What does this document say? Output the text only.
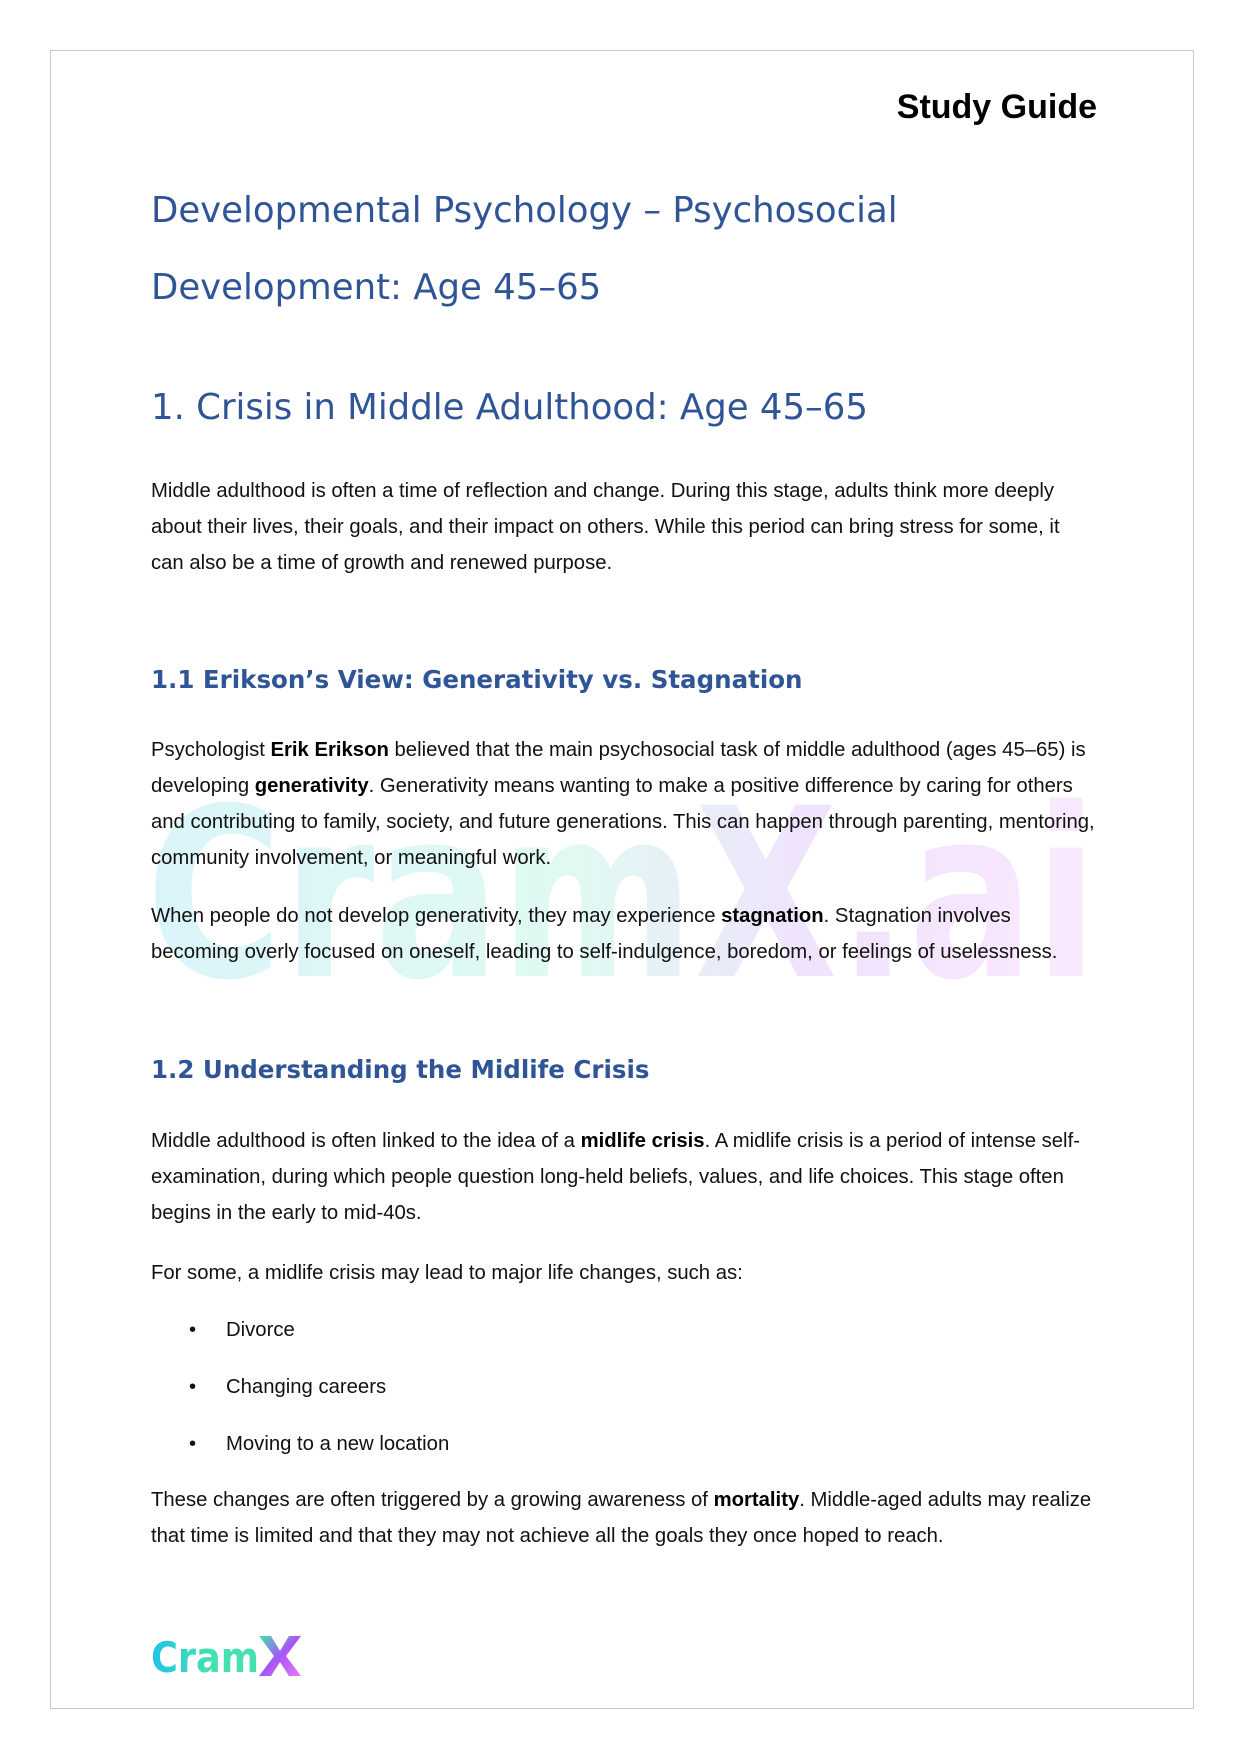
CramX.ai
Study Guide
Developmental Psychology – Psychosocial Development: Age 45–65
1. Crisis in Middle Adulthood: Age 45–65

Middle adulthood is often a time of reflection and change. During this stage, adults think more deeply about their lives, their goals, and their impact on others. While this period can bring stress for some, it can also be a time of growth and renewed purpose.

1.1 Erikson’s View: Generativity vs. Stagnation

Psychologist Erik Erikson believed that the main psychosocial task of middle adulthood (ages 45–65) is developing generativity. Generativity means wanting to make a positive difference by caring for others and contributing to family, society, and future generations. This can happen through parenting, mentoring, community involvement, or meaningful work.

When people do not develop generativity, they may experience stagnation. Stagnation involves becoming overly focused on oneself, leading to self-indulgence, boredom, or feelings of uselessness.

1.2 Understanding the Midlife Crisis

Middle adulthood is often linked to the idea of a midlife crisis. A midlife crisis is a period of intense self-examination, during which people question long-held beliefs, values, and life choices. This stage often begins in the early to mid-40s.

For some, a midlife crisis may lead to major life changes, such as:

• Divorce
• Changing careers
• Moving to a new location

These changes are often triggered by a growing awareness of mortality. Middle-aged adults may realize that time is limited and that they may not achieve all the goals they once hoped to reach.

Cram
